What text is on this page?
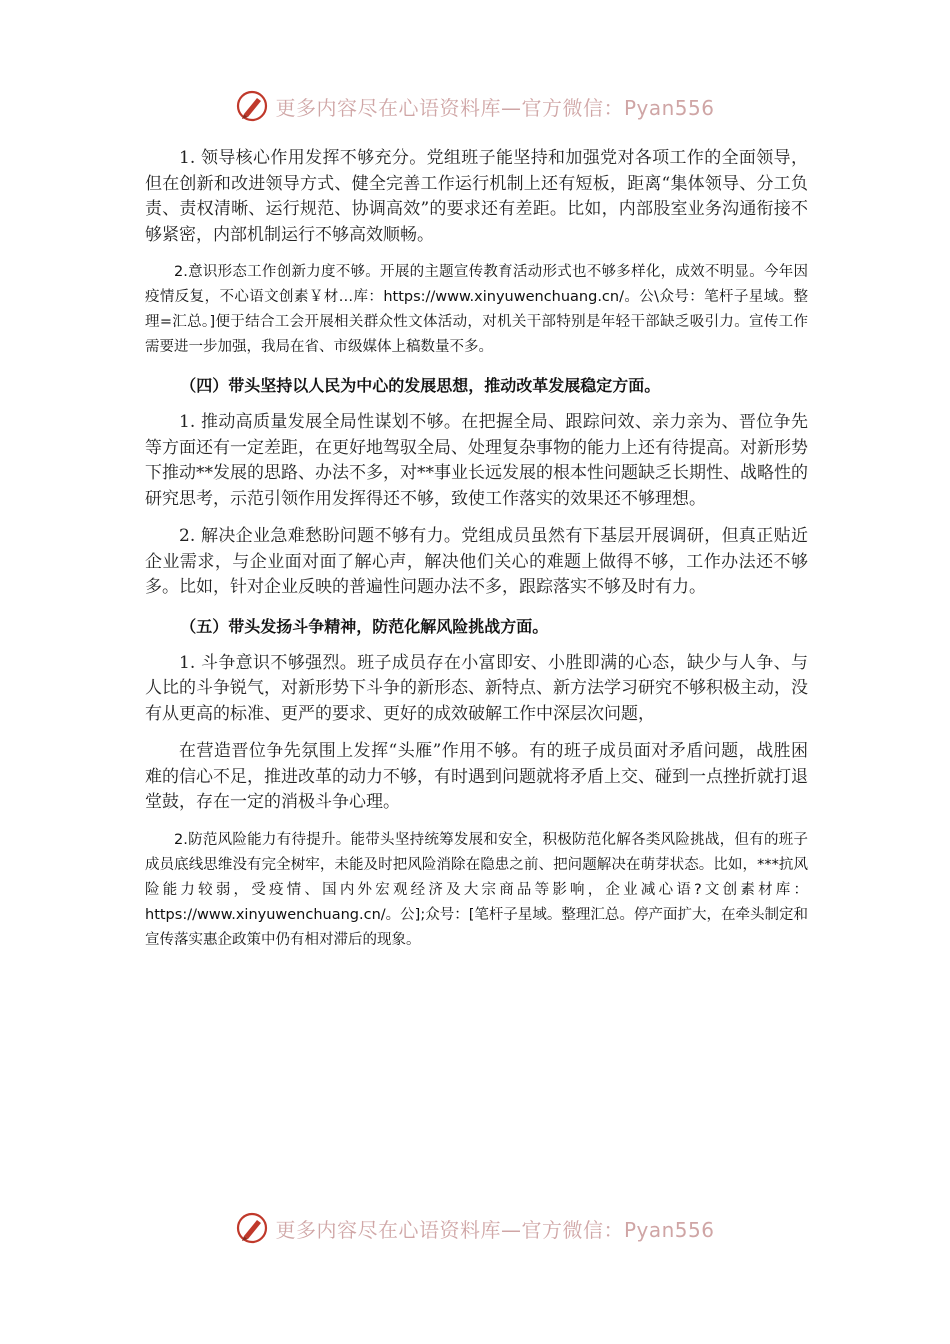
更多内容尽在心语资料库—官方微信：Pyan556

1. 领导核心作用发挥不够充分。党组班子能坚持和加强党对各项工作的全面领导，但在创新和改进领导方式、健全完善工作运行机制上还有短板，距离“集体领导、分工负责、责权清晰、运行规范、协调高效”的要求还有差距。比如，内部股室业务沟通衔接不够紧密，内部机制运行不够高效顺畅。

2.意识形态工作创新力度不够。开展的主题宣传教育活动形式也不够多样化，成效不明显。今年因疫情反复，不心语文创素￥材…库：https://www.xinyuwenchuang.cn/。公\众号：笔杆子星域。整理=汇总。]便于结合工会开展相关群众性文体活动，对机关干部特别是年轻干部缺乏吸引力。宣传工作需要进一步加强，我局在省、市级媒体上稿数量不多。

（四）带头坚持以人民为中心的发展思想，推动改革发展稳定方面。

1. 推动高质量发展全局性谋划不够。在把握全局、跟踪问效、亲力亲为、晋位争先等方面还有一定差距，在更好地驾驭全局、处理复杂事物的能力上还有待提高。对新形势下推动**发展的思路、办法不多，对**事业长远发展的根本性问题缺乏长期性、战略性的研究思考，示范引领作用发挥得还不够，致使工作落实的效果还不够理想。

2. 解决企业急难愁盼问题不够有力。党组成员虽然有下基层开展调研，但真正贴近企业需求，与企业面对面了解心声，解决他们关心的难题上做得不够，工作办法还不够多。比如，针对企业反映的普遍性问题办法不多，跟踪落实不够及时有力。

（五）带头发扬斗争精神，防范化解风险挑战方面。

1. 斗争意识不够强烈。班子成员存在小富即安、小胜即满的心态，缺少与人争、与人比的斗争锐气，对新形势下斗争的新形态、新特点、新方法学习研究不够积极主动，没有从更高的标准、更严的要求、更好的成效破解工作中深层次问题，

在营造晋位争先氛围上发挥“头雁”作用不够。有的班子成员面对矛盾问题，战胜困难的信心不足，推进改革的动力不够，有时遇到问题就将矛盾上交、碰到一点挫折就打退堂鼓，存在一定的消极斗争心理。

2.防范风险能力有待提升。能带头坚持统筹发展和安全，积极防范化解各类风险挑战，但有的班子成员底线思维没有完全树牢，未能及时把风险消除在隐患之前、把问题解决在萌芽状态。比如，***抗风险能力较弱，受疫情、国内外宏观经济及大宗商品等影响，企业减心语?文创素材库：https://www.xinyuwenchuang.cn/。公];众号：[笔杆子星域。整理汇总。停产面扩大，在牵头制定和宣传落实惠企政策中仍有相对滞后的现象。

更多内容尽在心语资料库—官方微信：Pyan556
